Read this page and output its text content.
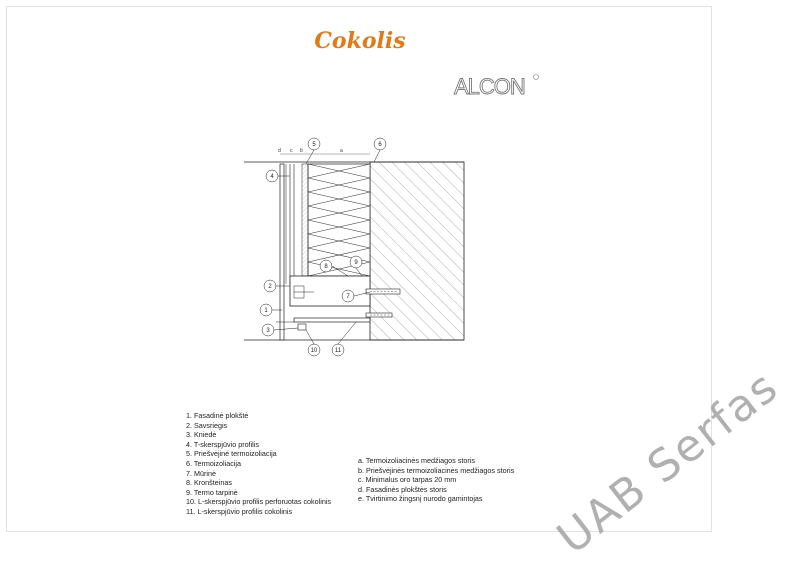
Cokolis
ALCON
d c b	a
1
2
3
4
5	6
7
8
9
10	11
1. Fasadinė plokštė
2. Savsriegis
3. Kniedė
4. T-skerspjūvio profilis
5. Priešvėjinė termoizoliacija
6. Termoizoliacija
7. Mūrinė
8. Kronšteinas
9. Termo tarpinė
10. L-skerspjūvio profilis perforuotas cokolinis
11. L-skerspjūvio profilis cokolinis
a. Termoizoliacinės medžiagos storis
b. Priešvėjinės termoizoliacinės medžiagos storis
c. Minimalus oro tarpas 20 mm
d. Fasadinės plokštės storis
e. Tvirtinimo žingsnį nurodo gamintojas	UAB Serfas
